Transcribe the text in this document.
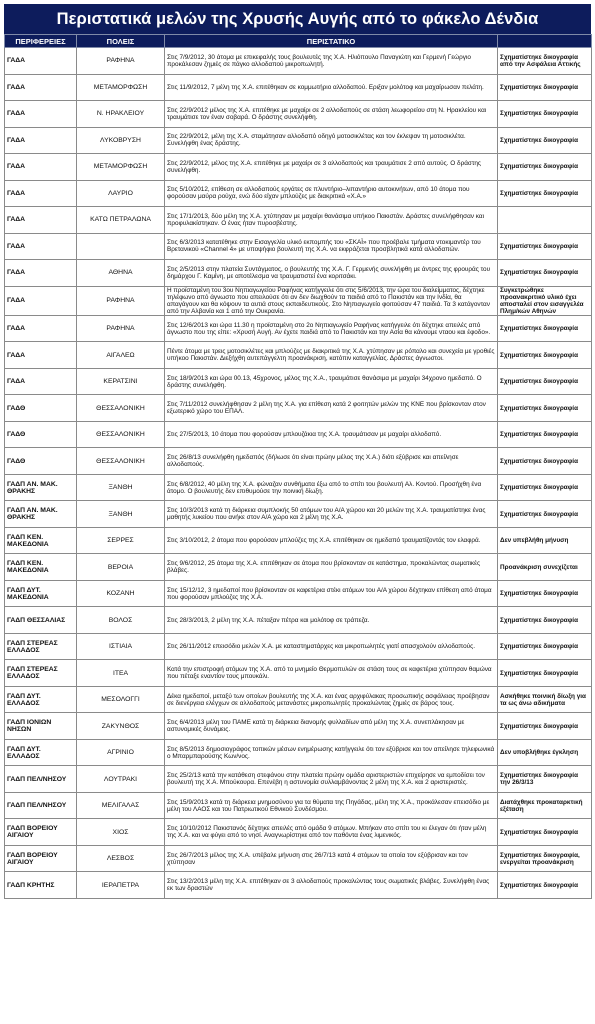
Περιστατικά μελών της Χρυσής Αυγής από το φάκελο Δένδια
ΠΕΡΙΦΕΡΕΙΕΣ	ΠΟΛΕΙΣ	ΠΕΡΙΣΤΑΤΙΚΟ	
ΓΑΔΑ	ΡΑΦΗΝΑ	Στις 7/9/2012, 30 άτομα με επικεφαλής τους βουλευτές της Χ.Α. Ηλιόπουλο Παναγιώτη και Γερμενή Γεώργιο προκάλεσαν ζημιές σε πάγκο αλλοδαπού μικροπωλητή.	Σχηματίστηκε δικογραφία από την Ασφάλεια Αττικής
ΓΑΔΑ	ΜΕΤΑΜΟΡΦΩΣΗ	Στις 11/9/2012, 7 μέλη της Χ.Α. επιτέθηκαν σε κομμωτήριο αλλοδαπού. Εριξαν μολότοφ και μαχαίρωσαν πελάτη.	Σχηματίστηκε δικογραφία
ΓΑΔΑ	Ν. ΗΡΑΚΛΕΙΟΥ	Στις 22/9/2012 μέλος της Χ.Α. επιτέθηκε με μαχαίρι σε 2 αλλοδαπούς σε στάση λεωφορείου στη Ν. Ηρακλείου και τραυμάτισε τον έναν σοβαρά. Ο δράστης συνελήφθη.	Σχηματίστηκε δικογραφία
ΓΑΔΑ	ΛΥΚΟΒΡΥΣΗ	Στις 22/9/2012, μέλη της Χ.Α. σταμάτησαν αλλοδαπό οδηγό μοτοσικλέτας και τον έκλεψαν τη μοτοσικλέτα. Συνελήφθη ένας δράστης.	Σχηματίστηκε δικογραφία
ΓΑΔΑ	ΜΕΤΑΜΟΡΦΩΣΗ	Στις 22/9/2012, μέλος της Χ.Α. επιτέθηκε με μαχαίρι σε 3 αλλοδαπούς και τραυμάτισε 2 από αυτούς. Ο δράστης συνελήφθη.	Σχηματίστηκε δικογραφία
ΓΑΔΑ	ΛΑΥΡΙΟ	Στις 5/10/2012, επίθεση σε αλλοδαπούς εργάτες σε πλυντήριο–λιπαντήριο αυτοκινήτων, από 10 άτομα που φορούσαν μαύρα ρούχα, ενώ δύο είχαν μπλούζες με διακριτικά «Χ.Α.»	Σχηματίστηκε δικογραφία
ΓΑΔΑ	ΚΑΤΩ ΠΕΤΡΑΛΩΝΑ	Στις 17/1/2013, δύο μέλη της Χ.Α. χτύπησαν με μαχαίρι θανάσιμα υπήκοο Πακιστάν. Δράστες συνελήφθησαν και προφυλακίστηκαν. Ο ένας ήταν πυροσβέστης.	
ΓΑΔΑ		Στις 6/3/2013 κατατέθηκε στην Εισαγγελία υλικό εκπομπής του «ΣΚΑΪ» που προέβαλε τμήματα ντοκιμαντέρ του Βρετανικού «Channel 4» με υποψήφιο βουλευτή της Χ.Α. να εκφράζεται προσβλητικά κατά αλλοδαπών.	Σχηματίστηκε δικογραφία
ΓΑΔΑ	ΑΘΗΝΑ	Στις 2/5/2013 στην πλατεία Συντάγματος, ο βουλευτής της Χ.Α. Γ. Γερμενής συνελήφθη με άντρες της φρουράς του δημάρχου Γ. Καμίνη, με αποτέλεσμα να τραυματιστεί ένα κοριτσάκι.	Σχηματίστηκε δικογραφία
ΓΑΔΑ	ΡΑΦΗΝΑ	Η προϊσταμένη του 3ου Νηπιαγωγείου Ραφήνας κατήγγειλε ότι στις 5/6/2013, την ώρα του διαλείμματος, δέχτηκε τηλέφωνο από άγνωστο που απειλούσε ότι αν δεν διωχθούν τα παιδιά από το Πακιστάν και την Ινδία, θα απαγάγουν και θα κόψουν τα αυτιά στους εκπαιδευτικούς. Στο Νηπιαγωγείο φοιτούσαν 47 παιδιά. Τα 3 κατάγονταν από την Αλβανία και 1 από την Ουκρανία.	Συγκετρώθηκε προανακριτικό υλικό έχει αποσταλεί στον εισαγγελέα Πλημ/κών Αθηνών
ΓΑΔΑ	ΡΑΦΗΝΑ	Στις 12/6/2013 και ώρα 11.30 η προϊσταμένη στο 2ο Νηπιαγωγείο Ραφήνας κατήγγειλε ότι δέχτηκε απειλές από άγνωστο που της είπε: «Χρυσή Αυγή. Αν έχετε παιδιά από το Πακιστάν και την Ασία θα κάνουμε νταου και έφοδο».	Σχηματίστηκε δικογραφία
ΓΑΔΑ	ΑΙΓΑΛΕΩ	Πέντε άτομα με τρεις μοτοσικλέτες και μπλούζες με διακριτικά της Χ.Α. χτύπησαν με ρόπαλο και συνεχεία με γροθιές υπήκοο Πακιστάν. Διεξήχθη αυτεπάγγελτη προανάκριση, κατόπιν καταγγελίας. Δράστες άγνωστοι.	Σχηματίστηκε δικογραφία
ΓΑΔΑ	ΚΕΡΑΤΣΙΝΙ	Στις 18/9/2013 και ώρα 00.13, 45χρονος, μέλος της Χ.Α., τραυμάτισε θανάσιμα με μαχαίρι 34χρονο ημεδαπό. Ο δράστης συνελήφθη.	Σχηματίστηκε δικογραφία
ΓΑΔΘ	ΘΕΣΣΑΛΟΝΙΚΗ	Στις 7/11/2012 συνελήφθησαν 2 μέλη της Χ.Α. για επίθεση κατά 2 φοιτητών μελών της ΚΝΕ που βρίσκονταν στον εξωτερικό χώρο του ΕΠΑΛ.	Σχηματίστηκε δικογραφία
ΓΑΔΘ	ΘΕΣΣΑΛΟΝΙΚΗ	Στις 27/5/2013, 10 άτομα που φορούσαν μπλουζάκια της Χ.Α. τραυμάτισαν με μαχαίρι αλλοδαπό.	Σχηματίστηκε δικογραφία
ΓΑΔΘ	ΘΕΣΣΑΛΟΝΙΚΗ	Στις 26/8/13 συνελήφθη ημεδαπός (δήλωσε ότι είναι πρώην μέλος της Χ.Α.) διότι εξύβρισε και απείλησε αλλοδαπούς.	Σχηματίστηκε δικογραφία
ΓΑΔΠ ΑΝ. ΜΑΚ. ΘΡΑΚΗΣ	ΞΑΝΘΗ	Στις 6/8/2012, 40 μέλη της Χ.Α. φώναζαν συνθήματα έξω από το σπίτι του βουλευτή Αλ. Κοντού. Προσήχθη ένα άτομο. Ο βουλευτής δεν επιθυμούσε την ποινική δίωξη.	Σχηματίστηκε δικογραφία
ΓΑΔΠ ΑΝ. ΜΑΚ. ΘΡΑΚΗΣ	ΞΑΝΘΗ	Στις 10/3/2013 κατά τη διάρκεια συμπλοκής 50 ατόμων του Α/Α χώρου και 20 μελών της Χ.Α. τραυματίστηκε ένας μαθητής λυκείου που ανήκε στον Α/Α χώρο και 2 μέλη της Χ.Α.	Σχηματίστηκε δικογραφία
ΓΑΔΠ ΚΕΝ. ΜΑΚΕΔΟΝΙΑ	ΣΕΡΡΕΣ	Στις 3/10/2012, 2 άτομα που φορούσαν μπλούζες της Χ.Α. επιτέθηκαν σε ημεδαπό τραυματίζοντάς τον ελαφρά.	Δεν υπεβλήθη μήνυση
ΓΑΔΠ ΚΕΝ. ΜΑΚΕΔΟΝΙΑ	ΒΕΡΟΙΑ	Στις 9/6/2012, 25 άτομα της Χ.Α. επιτέθηκαν σε άτομα που βρίσκονταν σε κατάστημα, προκαλώντας σωματικές βλάβες.	Προανάκριση συνεχίζεται
ΓΑΔΠ ΔΥΤ. ΜΑΚΕΔΟΝΙΑ	ΚΟΖΑΝΗ	Στις 15/12/12, 3 ημεδαποί που βρίσκονταν σε καφετέρια στέκι ατόμων του Α/Α χώρου δέχτηκαν επίθεση από άτομα που φορούσαν μπλούζες της Χ.Α.	Σχηματίστηκε δικογραφία
ΓΑΔΠ ΘΕΣΣΑΛΙΑΣ	ΒΟΛΟΣ	Στις 28/3/2013, 2 μέλη της Χ.Α. πέταξαν πέτρα και μολότοφ σε τράπεζα.	Σχηματίστηκε δικογραφία
ΓΑΔΠ ΣΤΕΡΕΑΣ ΕΛΛΑΔΟΣ	ΙΣΤΙΑΙΑ	Στις 26/11/2012 επεισόδιο μελών Χ.Α. με καταστηματάρχες και μικροπωλητές γιατί απασχολούν αλλοδαπούς.	Σχηματίστηκε δικογραφία
ΓΑΔΠ ΣΤΕΡΕΑΣ ΕΛΛΑΔΟΣ	ΙΤΕΑ	Κατά την επιστροφή ατόμων της Χ.Α. από το μνημείο Θερμοπυλών σε στάση τους σε καφετέρια χτύπησαν θαμώνα που πέταξε εναντίον τους μπουκάλι.	Σχηματίστηκε δικογραφία
ΓΑΔΠ ΔΥΤ. ΕΛΛΑΔΟΣ	ΜΕΣΟΛΟΓΓΙ	Δέκα ημεδαποί, μεταξύ των οποίων βουλευτής της Χ.Α. και ένας αρχιφύλακας προσωπικής ασφάλειας προέβησαν σε διενέργεια ελέγχων σε αλλοδαπούς μετανάστες μικροπωλητές προκαλώντας ζημιές σε βάρος τους.	Ασκήθηκε ποινική δίωξη για τα ως άνω αδικήματα
ΓΑΔΠ ΙΟΝΙΩΝ ΝΗΣΩΝ	ΖΑΚΥΝΘΟΣ	Στις 6/4/2013 μέλη του ΠΑΜΕ κατά τη διάρκεια διανομής φυλλαδίων από μέλη της Χ.Α. συνεπλάκησαν με αστυνομικές δυνάμεις.	Σχηματίστηκε δικογραφία
ΓΑΔΠ ΔΥΤ. ΕΛΛΑΔΟΣ	ΑΓΡΙΝΙΟ	Στις 8/5/2013 δημοσιογράφος τοπικών μέσων ενημέρωσης κατήγγειλε ότι τον εξύβρισε και τον απείλησε τηλεφωνικά ο Μπαρμπαρούσης Κων/νος.	Δεν υποβλήθηκε έγκληση
ΓΑΔΠ ΠΕΛ/ΝΗΣΟΥ	ΛΟΥΤΡΑΚΙ	Στις 25/2/13 κατά την κατάθεση στεφάνου στην πλατεία πρώην ομάδα αριστεριστών επιχείρησε να εμποδίσει τον βουλευτή της Χ.Α. Μπούκουρα. Επενέβη η αστυνομία συλλαμβάνοντας 2 μέλη της Χ.Α. και 2 αριστεριστές.	Σχηματίστηκε δικογραφία την 26/3/13
ΓΑΔΠ ΠΕΛ/ΝΗΣΟΥ	ΜΕΛΙΓΑΛΑΣ	Στις 15/9/2013 κατά τη διάρκεια μνημοσύνου για τα θύματα της Πηγάδας, μέλη της Χ.Α., προκάλεσαν επεισόδιο με μέλη του ΛΑΟΣ και του Πατριωτικού Εθνικού Συνδέσμου.	Διατάχθηκε προκαταρκτική εξέταση
ΓΑΔΠ ΒΟΡΕΙΟΥ ΑΙΓΑΙΟΥ	ΧΙΟΣ	Στις 10/10/2012 Πακιστανός δέχτηκε απειλές από ομάδα 9 ατόμων. Μπήκαν στο σπίτι του κι έλεγαν ότι ήταν μέλη της Χ.Α. και να φύγει από το νησί. Αναγνωρίστηκε από τον παθόντα ένας λιμενικός.	Σχηματίστηκε δικογραφία
ΓΑΔΠ ΒΟΡΕΙΟΥ ΑΙΓΑΙΟΥ	ΛΕΣΒΟΣ	Στις 26/7/2013 μέλος της Χ.Α. υπέβαλε μήνυση στις 26/7/13 κατά 4 ατόμων τα οποία τον εξύβρισαν και τον χτύπησαν	Σχηματίστηκε δικογραφία, ενεργείται προανάκριση
ΓΑΔΠ ΚΡΗΤΗΣ	ΙΕΡΑΠΕΤΡΑ	Στις 13/2/2013 μέλη της Χ.Α. επιτέθηκαν σε 3 αλλοδαπούς προκαλώντας τους σωματικές βλάβες. Συνελήφθη ένας εκ των δραστών	Σχηματίστηκε δικογραφία
